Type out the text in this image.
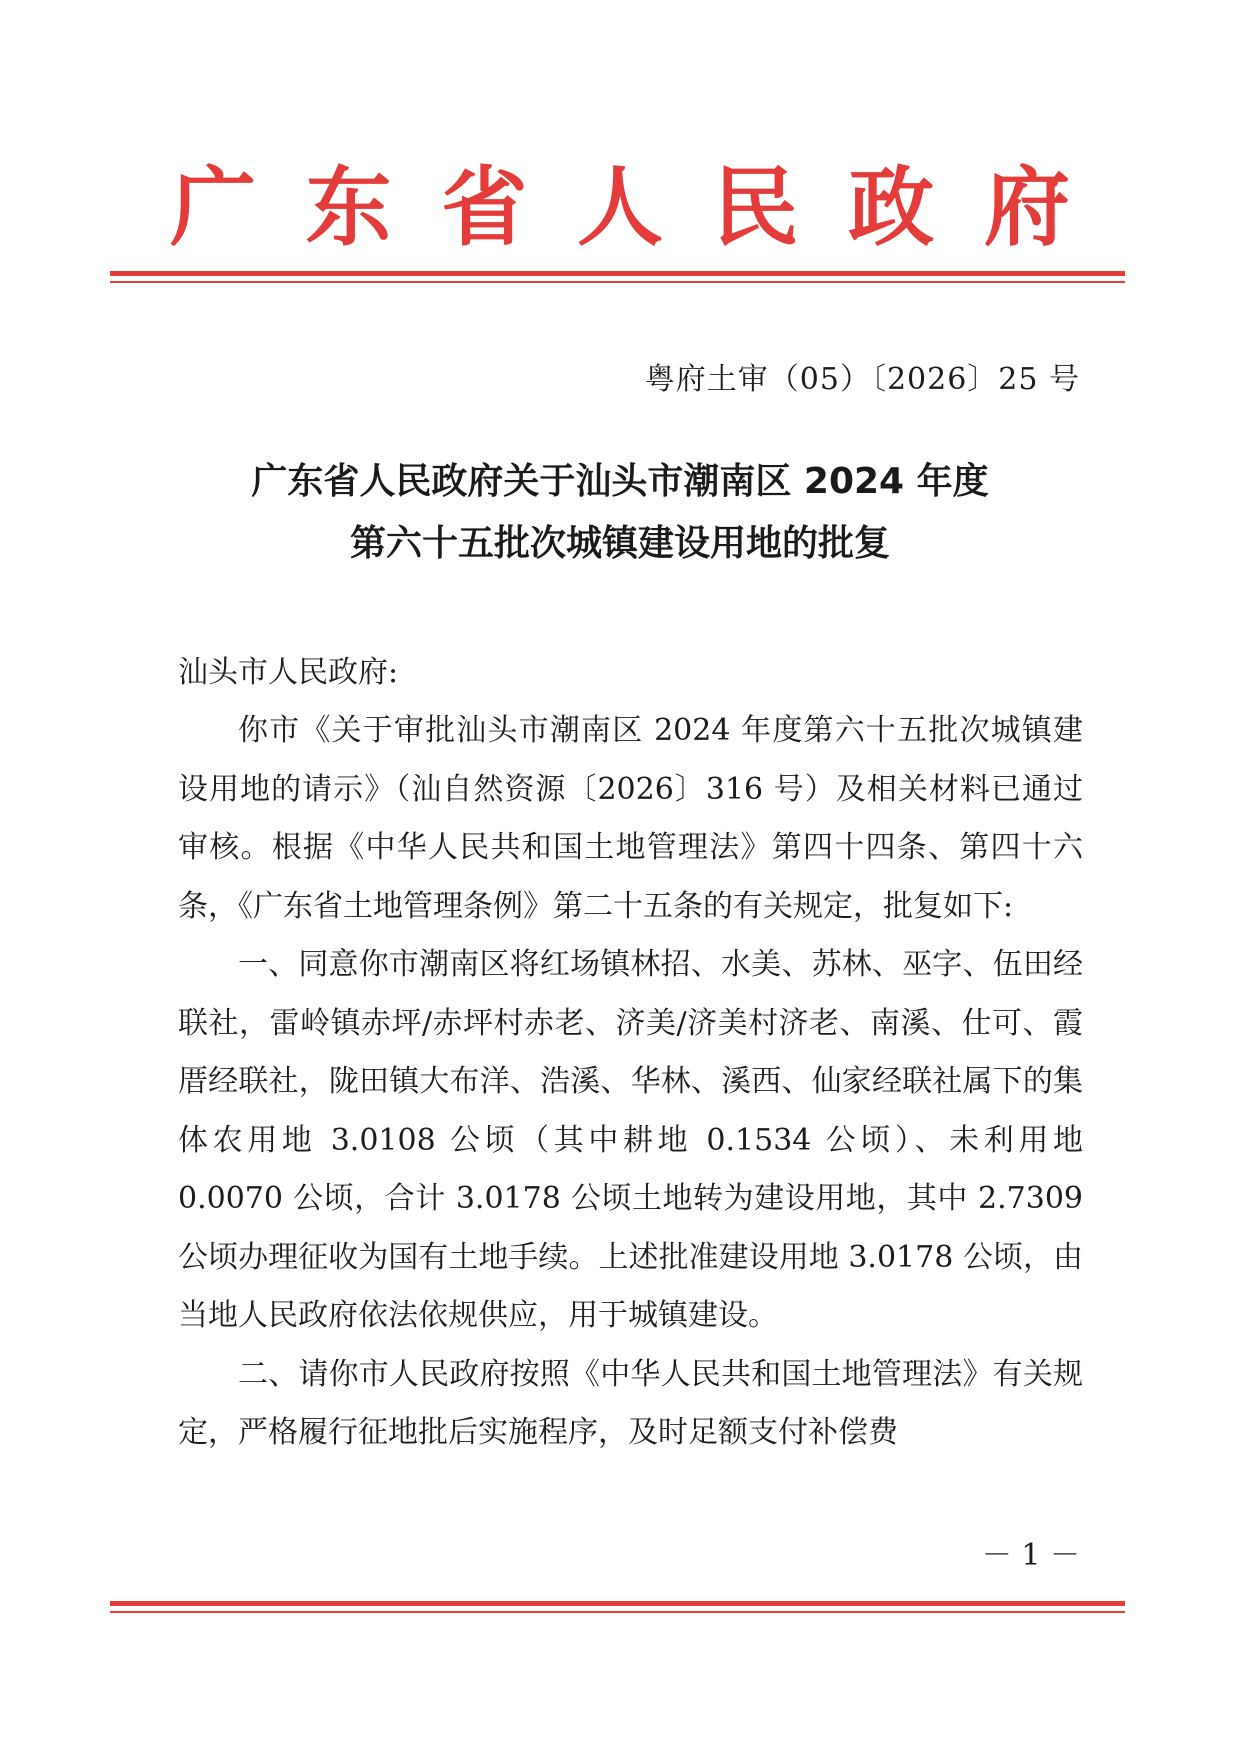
广 东 省 人 民 政 府
粤府土审（05）〔2026〕25 号
广东省人民政府关于汕头市潮南区 2024 年度
第六十五批次城镇建设用地的批复
汕头市人民政府:

你市《关于审批汕头市潮南区 2024 年度第六十五批次城镇建设用地的请示》（汕自然资源〔2026〕316 号）及相关材料已通过审核。根据《中华人民共和国土地管理法》第四十四条、第四十六条，《广东省土地管理条例》第二十五条的有关规定，批复如下:

一、同意你市潮南区将红场镇林招、水美、苏林、巫字、伍田经联社，雷岭镇赤坪/赤坪村赤老、济美/济美村济老、南溪、仕可、霞厝经联社，陇田镇大布洋、浩溪、华林、溪西、仙家经联社属下的集体农用地 3.0108 公顷（其中耕地 0.1534 公顷）、未利用地 0.0070 公顷，合计 3.0178 公顷土地转为建设用地，其中 2.7309 公顷办理征收为国有土地手续。上述批准建设用地 3.0178 公顷，由当地人民政府依法依规供应，用于城镇建设。

二、请你市人民政府按照《中华人民共和国土地管理法》有关规定，严格履行征地批后实施程序，及时足额支付补偿费

－ 1 －
